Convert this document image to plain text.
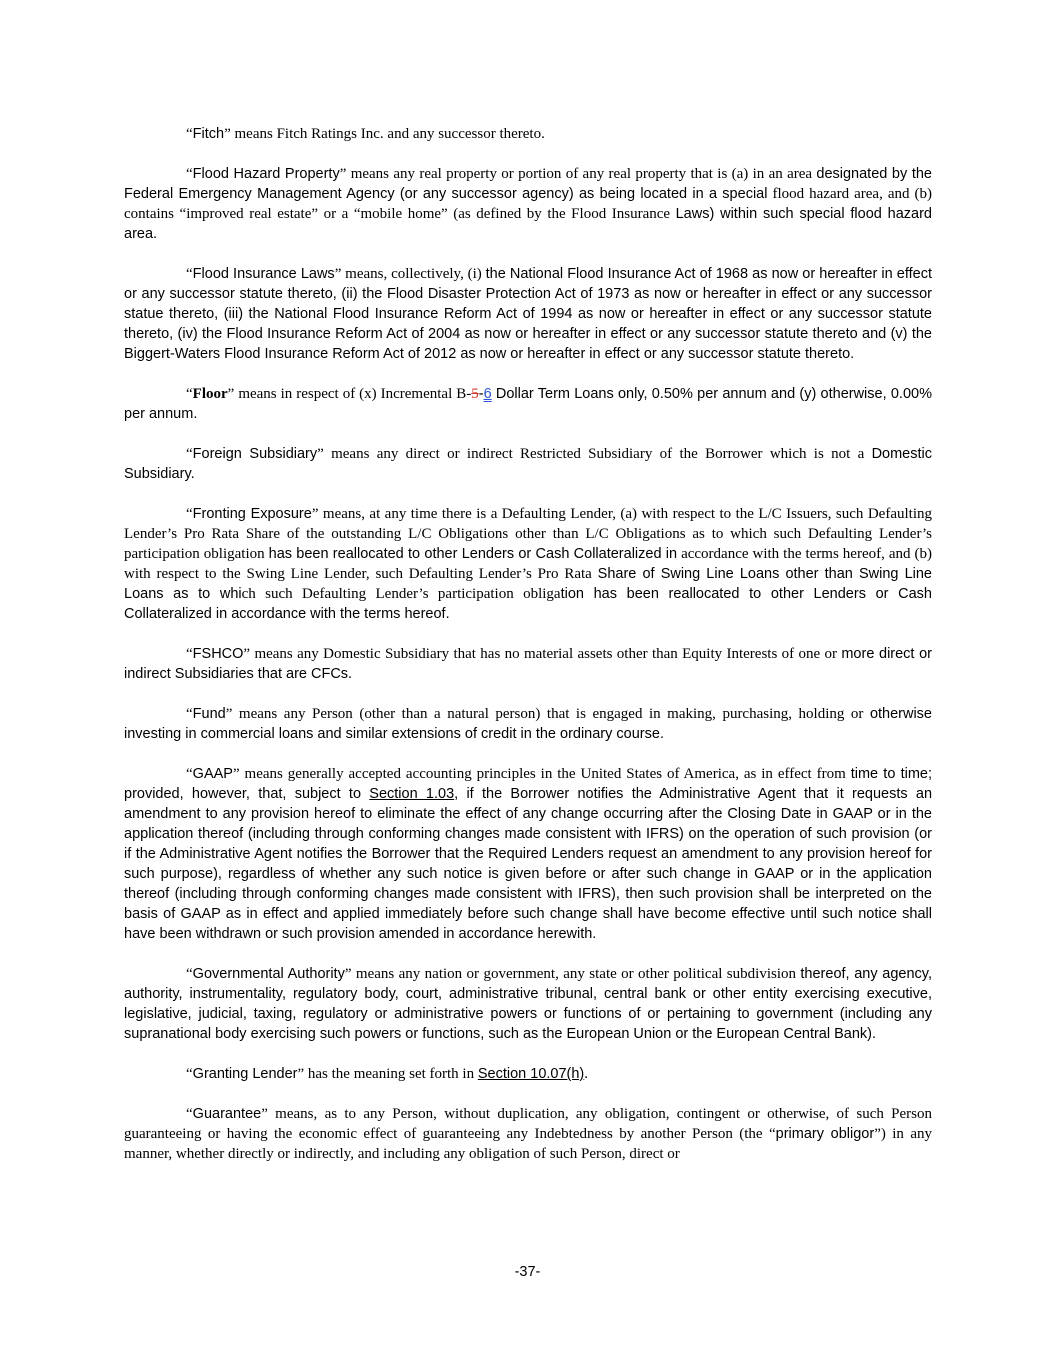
“Fitch” means Fitch Ratings Inc. and any successor thereto.

“Flood Hazard Property” means any real property or portion of any real property that is (a) in an area designated by the Federal Emergency Management Agency (or any successor agency) as being located in a special flood hazard area, and (b) contains “improved real estate” or a “mobile home” (as defined by the Flood Insurance Laws) within such special flood hazard area.

“Flood Insurance Laws” means, collectively, (i) the National Flood Insurance Act of 1968 as now or hereafter in effect or any successor statute thereto, (ii) the Flood Disaster Protection Act of 1973 as now or hereafter in effect or any successor statue thereto, (iii) the National Flood Insurance Reform Act of 1994 as now or hereafter in effect or any successor statute thereto, (iv) the Flood Insurance Reform Act of 2004 as now or hereafter in effect or any successor statute thereto and (v) the Biggert-Waters Flood Insurance Reform Act of 2012 as now or hereafter in effect or any successor statute thereto.

“Floor” means in respect of (x) Incremental B-5-6 Dollar Term Loans only, 0.50% per annum and (y) otherwise, 0.00% per annum.

“Foreign Subsidiary” means any direct or indirect Restricted Subsidiary of the Borrower which is not a Domestic Subsidiary.

“Fronting Exposure” means, at any time there is a Defaulting Lender, (a) with respect to the L/C Issuers, such Defaulting Lender’s Pro Rata Share of the outstanding L/C Obligations other than L/C Obligations as to which such Defaulting Lender’s participation obligation has been reallocated to other Lenders or Cash Collateralized in accordance with the terms hereof, and (b) with respect to the Swing Line Lender, such Defaulting Lender’s Pro Rata Share of Swing Line Loans other than Swing Line Loans as to which such Defaulting Lender’s participation obligation has been reallocated to other Lenders or Cash Collateralized in accordance with the terms hereof.

“FSHCO” means any Domestic Subsidiary that has no material assets other than Equity Interests of one or more direct or indirect Subsidiaries that are CFCs.

“Fund” means any Person (other than a natural person) that is engaged in making, purchasing, holding or otherwise investing in commercial loans and similar extensions of credit in the ordinary course.

“GAAP” means generally accepted accounting principles in the United States of America, as in effect from time to time; provided, however, that, subject to Section 1.03, if the Borrower notifies the Administrative Agent that it requests an amendment to any provision hereof to eliminate the effect of any change occurring after the Closing Date in GAAP or in the application thereof (including through conforming changes made consistent with IFRS) on the operation of such provision (or if the Administrative Agent notifies the Borrower that the Required Lenders request an amendment to any provision hereof for such purpose), regardless of whether any such notice is given before or after such change in GAAP or in the application thereof (including through conforming changes made consistent with IFRS), then such provision shall be interpreted on the basis of GAAP as in effect and applied immediately before such change shall have become effective until such notice shall have been withdrawn or such provision amended in accordance herewith.

“Governmental Authority” means any nation or government, any state or other political subdivision thereof, any agency, authority, instrumentality, regulatory body, court, administrative tribunal, central bank or other entity exercising executive, legislative, judicial, taxing, regulatory or administrative powers or functions of or pertaining to government (including any supranational body exercising such powers or functions, such as the European Union or the European Central Bank).

“Granting Lender” has the meaning set forth in Section 10.07(h).

“Guarantee” means, as to any Person, without duplication, any obligation, contingent or otherwise, of such Person guaranteeing or having the economic effect of guaranteeing any Indebtedness by another Person (the “primary obligor”) in any manner, whether directly or indirectly, and including any obligation of such Person, direct or

-37-
